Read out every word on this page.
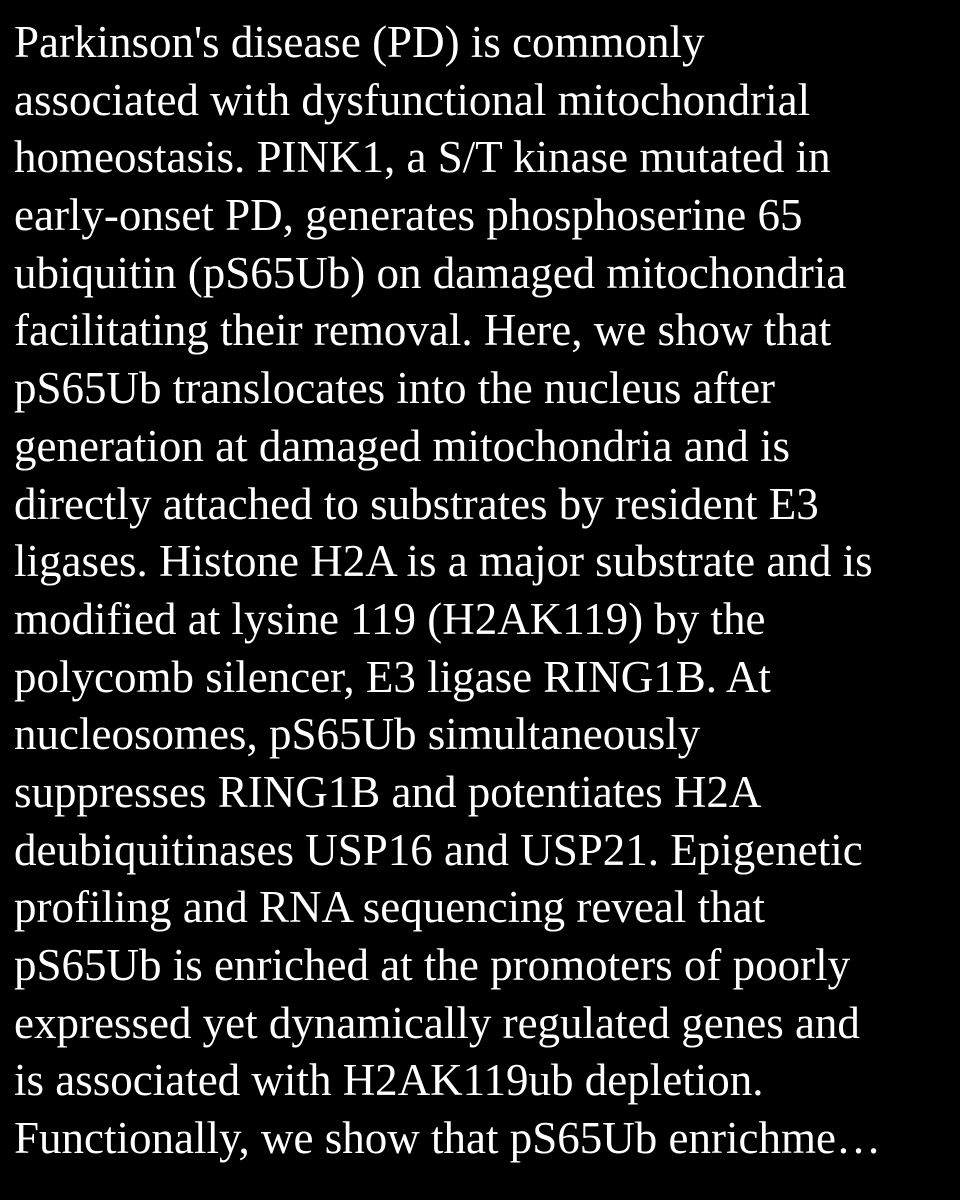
Parkinson's disease (PD) is commonly
associated with dysfunctional mitochondrial
homeostasis. PINK1, a S/T kinase mutated in
early-onset PD, generates phosphoserine 65
ubiquitin (pS65Ub) on damaged mitochondria
facilitating their removal. Here, we show that
pS65Ub translocates into the nucleus after
generation at damaged mitochondria and is
directly attached to substrates by resident E3
ligases. Histone H2A is a major substrate and is
modified at lysine 119 (H2AK119) by the
polycomb silencer, E3 ligase RING1B. At
nucleosomes, pS65Ub simultaneously
suppresses RING1B and potentiates H2A
deubiquitinases USP16 and USP21. Epigenetic
profiling and RNA sequencing reveal that
pS65Ub is enriched at the promoters of poorly
expressed yet dynamically regulated genes and
is associated with H2AK119ub depletion.
Functionally, we show that pS65Ub enrichme…
